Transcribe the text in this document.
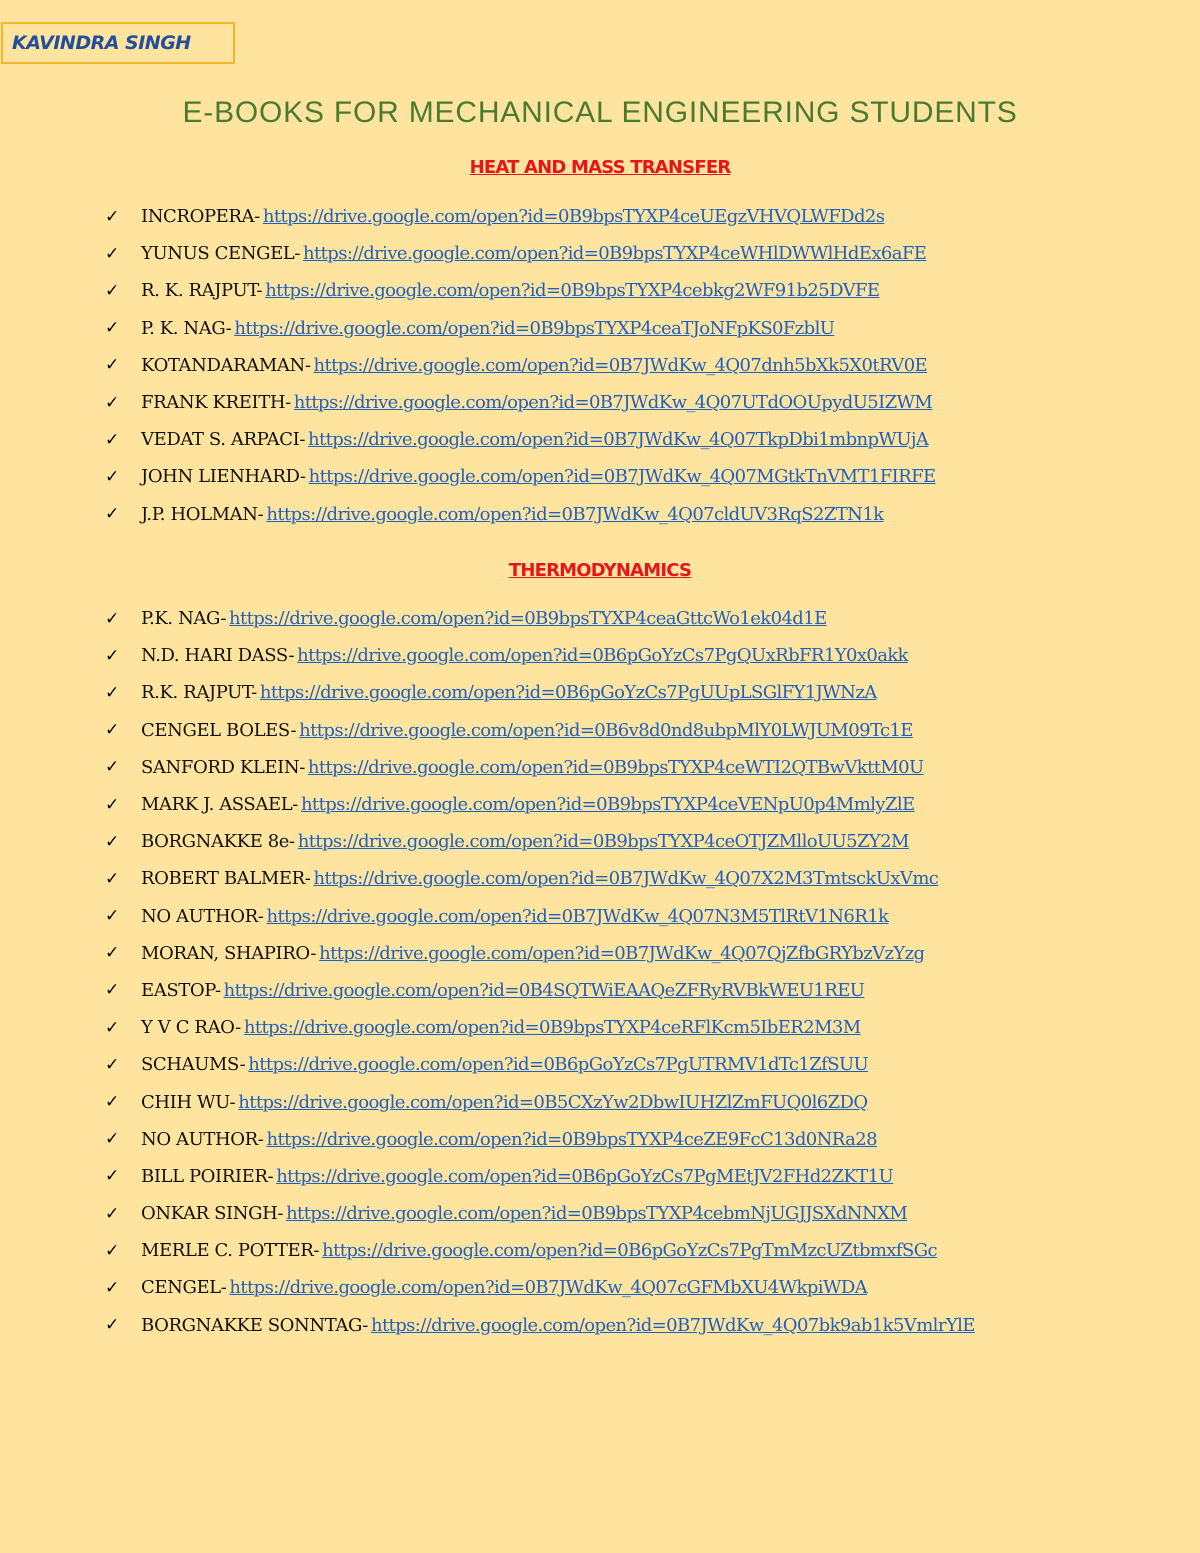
KAVINDRA SINGH
E-BOOKS FOR MECHANICAL ENGINEERING STUDENTS
HEAT AND MASS TRANSFER
✓	INCROPERA- https://drive.google.com/open?id=0B9bpsTYXP4ceUEgzVHVQLWFDd2s
✓	YUNUS CENGEL- https://drive.google.com/open?id=0B9bpsTYXP4ceWHlDWWlHdEx6aFE
✓	R. K. RAJPUT- https://drive.google.com/open?id=0B9bpsTYXP4cebkg2WF91b25DVFE
✓	P. K. NAG- https://drive.google.com/open?id=0B9bpsTYXP4ceaTJoNFpKS0FzblU
✓	KOTANDARAMAN- https://drive.google.com/open?id=0B7JWdKw_4Q07dnh5bXk5X0tRV0E
✓	FRANK KREITH- https://drive.google.com/open?id=0B7JWdKw_4Q07UTdOOUpydU5IZWM
✓	VEDAT S. ARPACI- https://drive.google.com/open?id=0B7JWdKw_4Q07TkpDbi1mbnpWUjA
✓	JOHN LIENHARD- https://drive.google.com/open?id=0B7JWdKw_4Q07MGtkTnVMT1FIRFE
✓	J.P. HOLMAN- https://drive.google.com/open?id=0B7JWdKw_4Q07cldUV3RqS2ZTN1k
THERMODYNAMICS
✓	P.K. NAG- https://drive.google.com/open?id=0B9bpsTYXP4ceaGttcWo1ek04d1E
✓	N.D. HARI DASS- https://drive.google.com/open?id=0B6pGoYzCs7PgQUxRbFR1Y0x0akk
✓	R.K. RAJPUT- https://drive.google.com/open?id=0B6pGoYzCs7PgUUpLSGlFY1JWNzA
✓	CENGEL BOLES- https://drive.google.com/open?id=0B6v8d0nd8ubpMlY0LWJUM09Tc1E
✓	SANFORD KLEIN- https://drive.google.com/open?id=0B9bpsTYXP4ceWTI2QTBwVkttM0U
✓	MARK J. ASSAEL- https://drive.google.com/open?id=0B9bpsTYXP4ceVENpU0p4MmlyZlE
✓	BORGNAKKE 8e- https://drive.google.com/open?id=0B9bpsTYXP4ceOTJZMlloUU5ZY2M
✓	ROBERT BALMER- https://drive.google.com/open?id=0B7JWdKw_4Q07X2M3TmtsckUxVmc
✓	NO AUTHOR- https://drive.google.com/open?id=0B7JWdKw_4Q07N3M5TlRtV1N6R1k
✓	MORAN, SHAPIRO- https://drive.google.com/open?id=0B7JWdKw_4Q07QjZfbGRYbzVzYzg
✓	EASTOP- https://drive.google.com/open?id=0B4SQTWiEAAQeZFRyRVBkWEU1REU
✓	Y V C RAO- https://drive.google.com/open?id=0B9bpsTYXP4ceRFlKcm5IbER2M3M
✓	SCHAUMS- https://drive.google.com/open?id=0B6pGoYzCs7PgUTRMV1dTc1ZfSUU
✓	CHIH WU- https://drive.google.com/open?id=0B5CXzYw2DbwIUHZlZmFUQ0l6ZDQ
✓	NO AUTHOR- https://drive.google.com/open?id=0B9bpsTYXP4ceZE9FcC13d0NRa28
✓	BILL POIRIER- https://drive.google.com/open?id=0B6pGoYzCs7PgMEtJV2FHd2ZKT1U
✓	ONKAR SINGH- https://drive.google.com/open?id=0B9bpsTYXP4cebmNjUGJJSXdNNXM
✓	MERLE C. POTTER- https://drive.google.com/open?id=0B6pGoYzCs7PgTmMzcUZtbmxfSGc
✓	CENGEL- https://drive.google.com/open?id=0B7JWdKw_4Q07cGFMbXU4WkpiWDA
✓	BORGNAKKE SONNTAG- https://drive.google.com/open?id=0B7JWdKw_4Q07bk9ab1k5VmlrYlE
